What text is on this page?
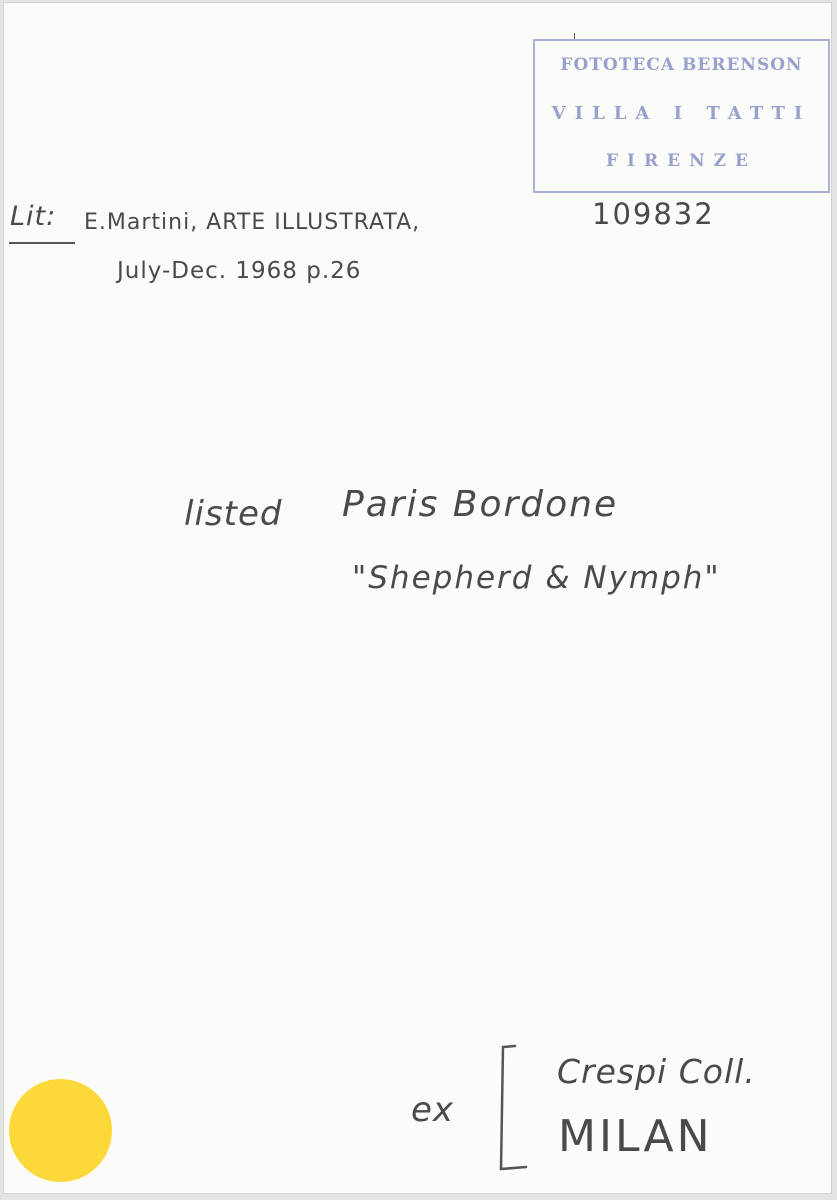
FOTOTECA BERENSON
VILLA I TATTI
FIRENZE
Lit: E.Martini, ARTE ILLUSTRATA,	109832
July-Dec. 1968 p.26
listed Paris Bordone
"Shepherd & Nymph"
ex
Crespi Coll.
MILAN
